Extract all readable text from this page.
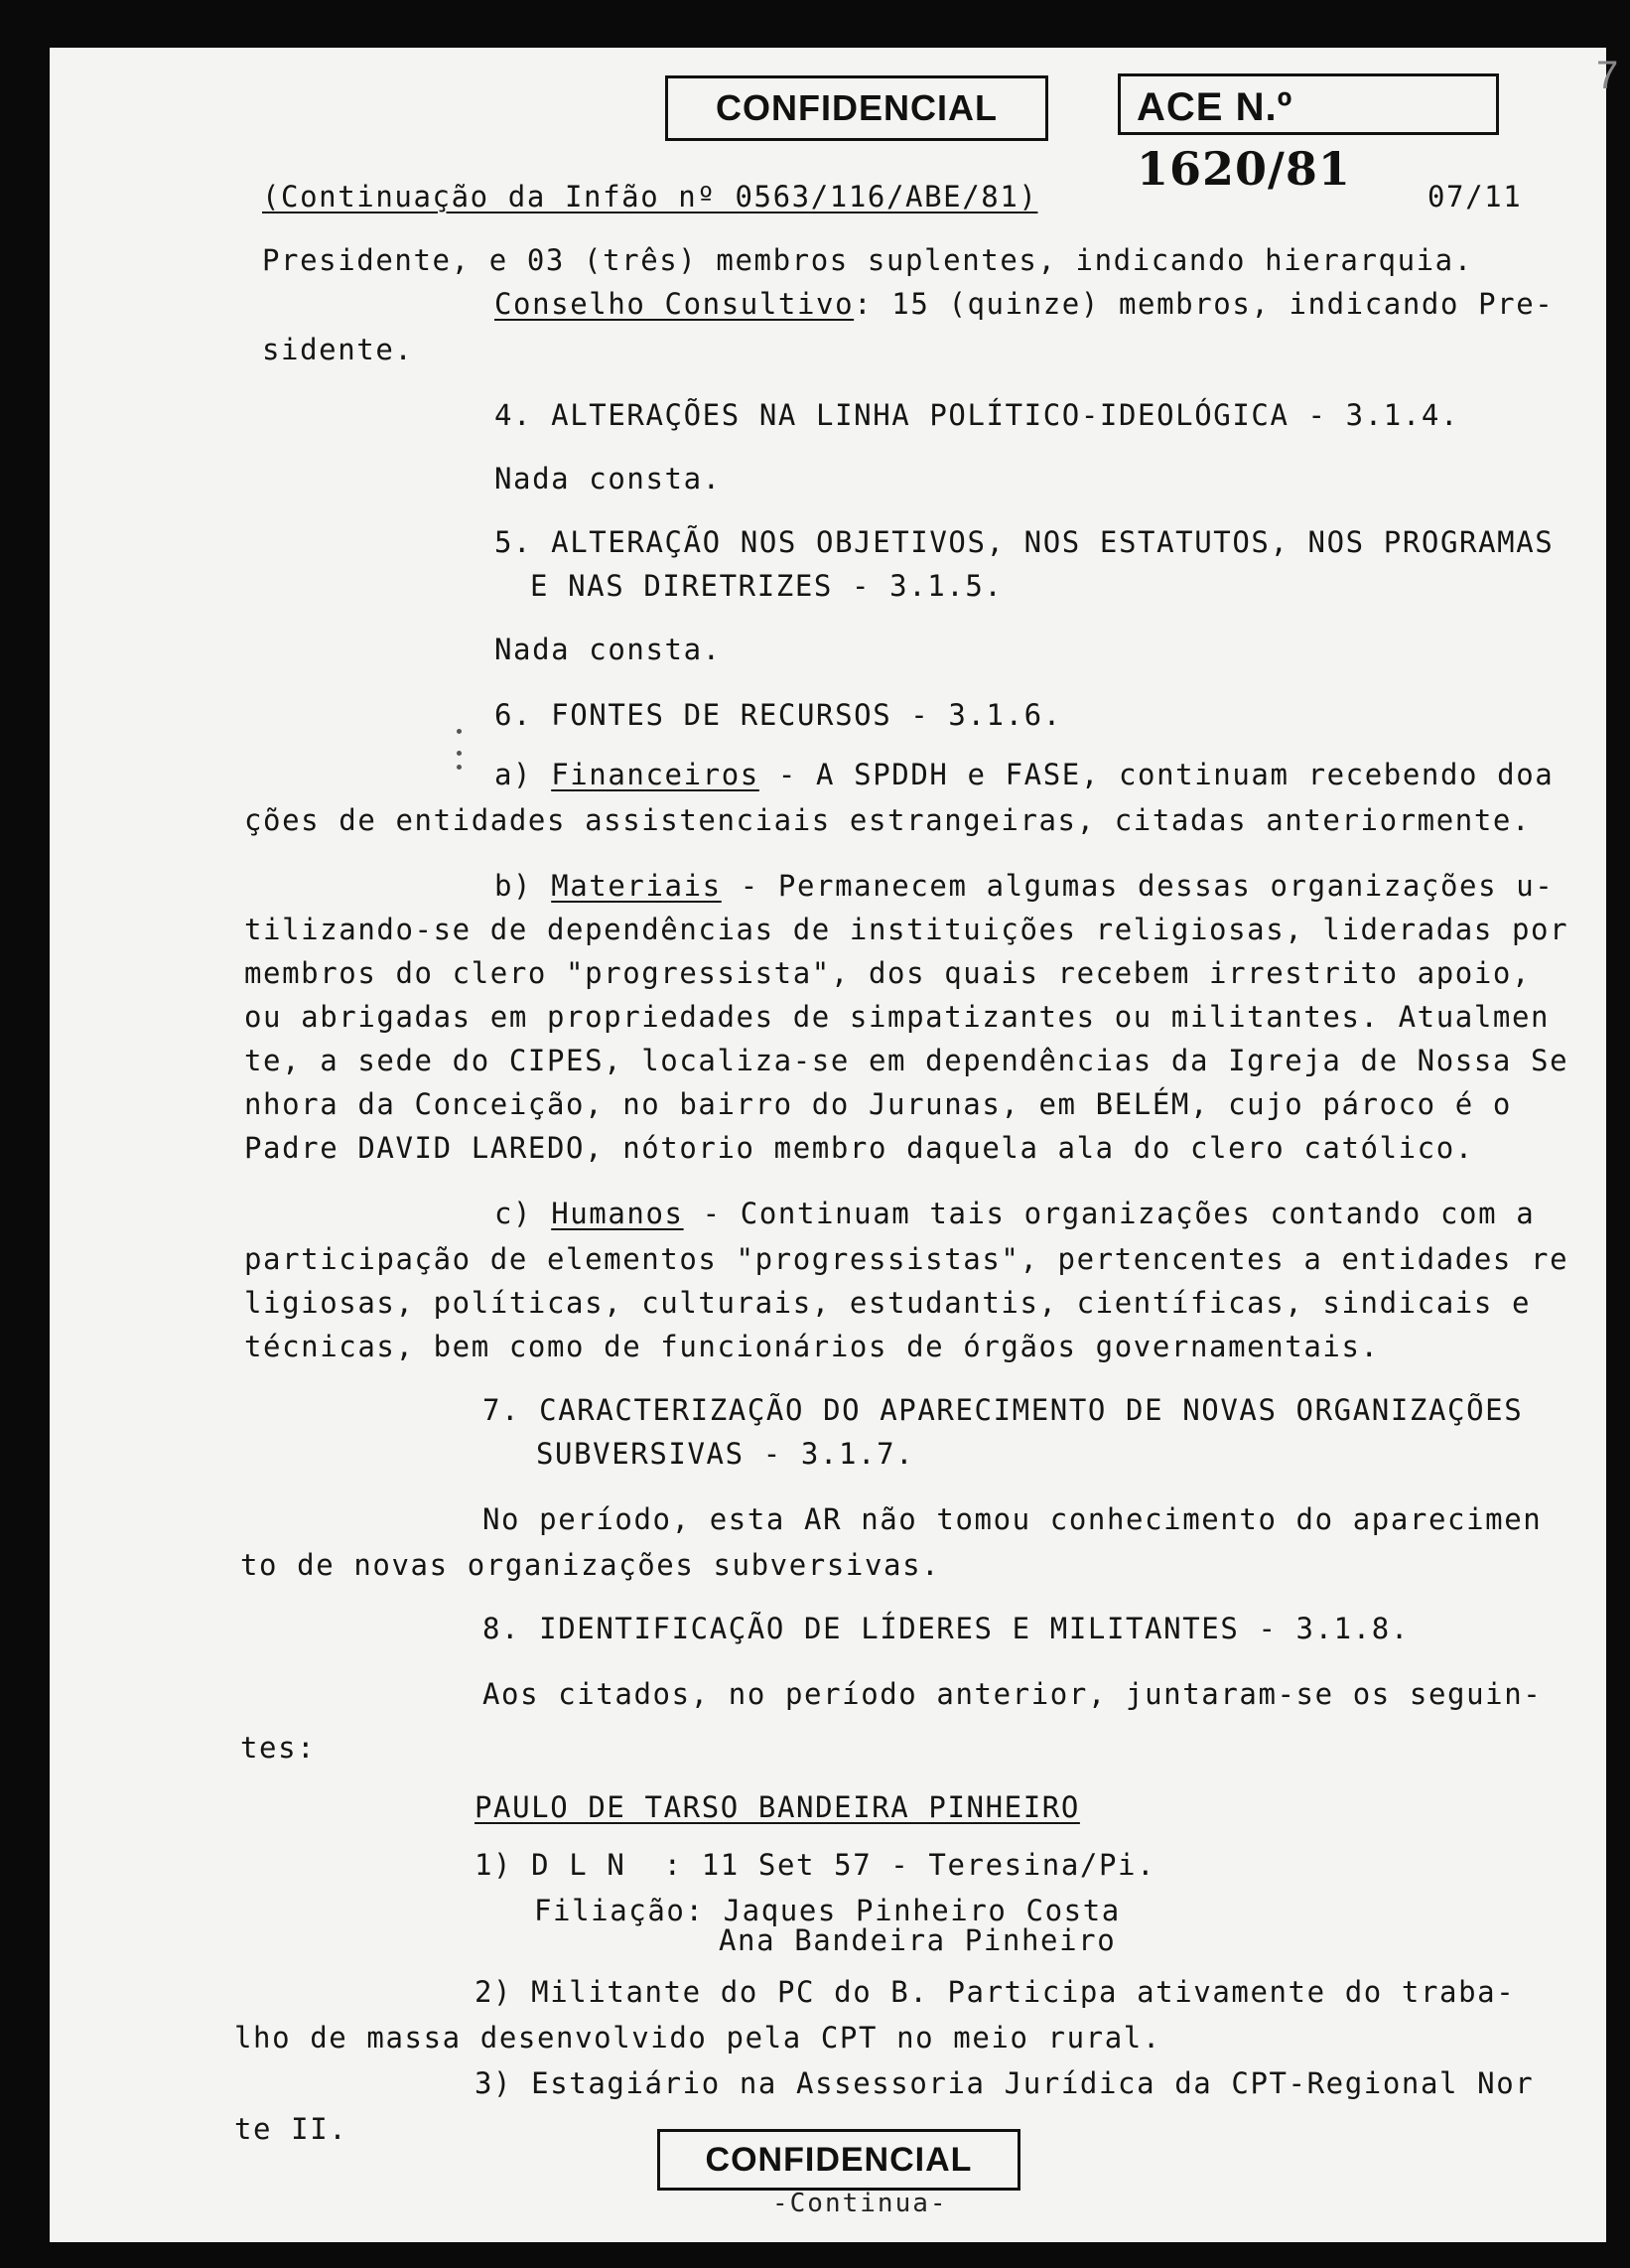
CONFIDENCIAL	ACE N.º 1620/81
7
(Continuação da Infão nº 0563/116/ABE/81)	07/11
Presidente, e 03 (três) membros suplentes, indicando hierarquia.
Conselho Consultivo: 15 (quinze) membros, indicando Pre-
sidente.
4. ALTERAÇÕES NA LINHA POLÍTICO-IDEOLÓGICA - 3.1.4.
Nada consta.
5. ALTERAÇÃO NOS OBJETIVOS, NOS ESTATUTOS, NOS PROGRAMAS
E NAS DIRETRIZES - 3.1.5.
Nada consta.
6. FONTES DE RECURSOS - 3.1.6.
a) Financeiros - A SPDDH e FASE, continuam recebendo doa
ções de entidades assistenciais estrangeiras, citadas anteriormente.
b) Materiais - Permanecem algumas dessas organizações u-
tilizando-se de dependências de instituições religiosas, lideradas por
membros do clero "progressista", dos quais recebem irrestrito apoio,
ou abrigadas em propriedades de simpatizantes ou militantes. Atualmen
te, a sede do CIPES, localiza-se em dependências da Igreja de Nossa Se
nhora da Conceição, no bairro do Jurunas, em BELÉM, cujo pároco é o
Padre DAVID LAREDO, nótorio membro daquela ala do clero católico.
c) Humanos - Continuam tais organizações contando com a
participação de elementos "progressistas", pertencentes a entidades re
ligiosas, políticas, culturais, estudantis, científicas, sindicais e
técnicas, bem como de funcionários de órgãos governamentais.
7. CARACTERIZAÇÃO DO APARECIMENTO DE NOVAS ORGANIZAÇÕES
SUBVERSIVAS - 3.1.7.
No período, esta AR não tomou conhecimento do aparecimen
to de novas organizações subversivas.
8. IDENTIFICAÇÃO DE LÍDERES E MILITANTES - 3.1.8.
Aos citados, no período anterior, juntaram-se os seguin-
tes:
PAULO DE TARSO BANDEIRA PINHEIRO
1) D L N  : 11 Set 57 - Teresina/Pi.
Filiação: Jaques Pinheiro Costa
Ana Bandeira Pinheiro
2) Militante do PC do B. Participa ativamente do traba-
lho de massa desenvolvido pela CPT no meio rural.
3) Estagiário na Assessoria Jurídica da CPT-Regional Nor
te II.
CONFIDENCIAL
-Continua-
